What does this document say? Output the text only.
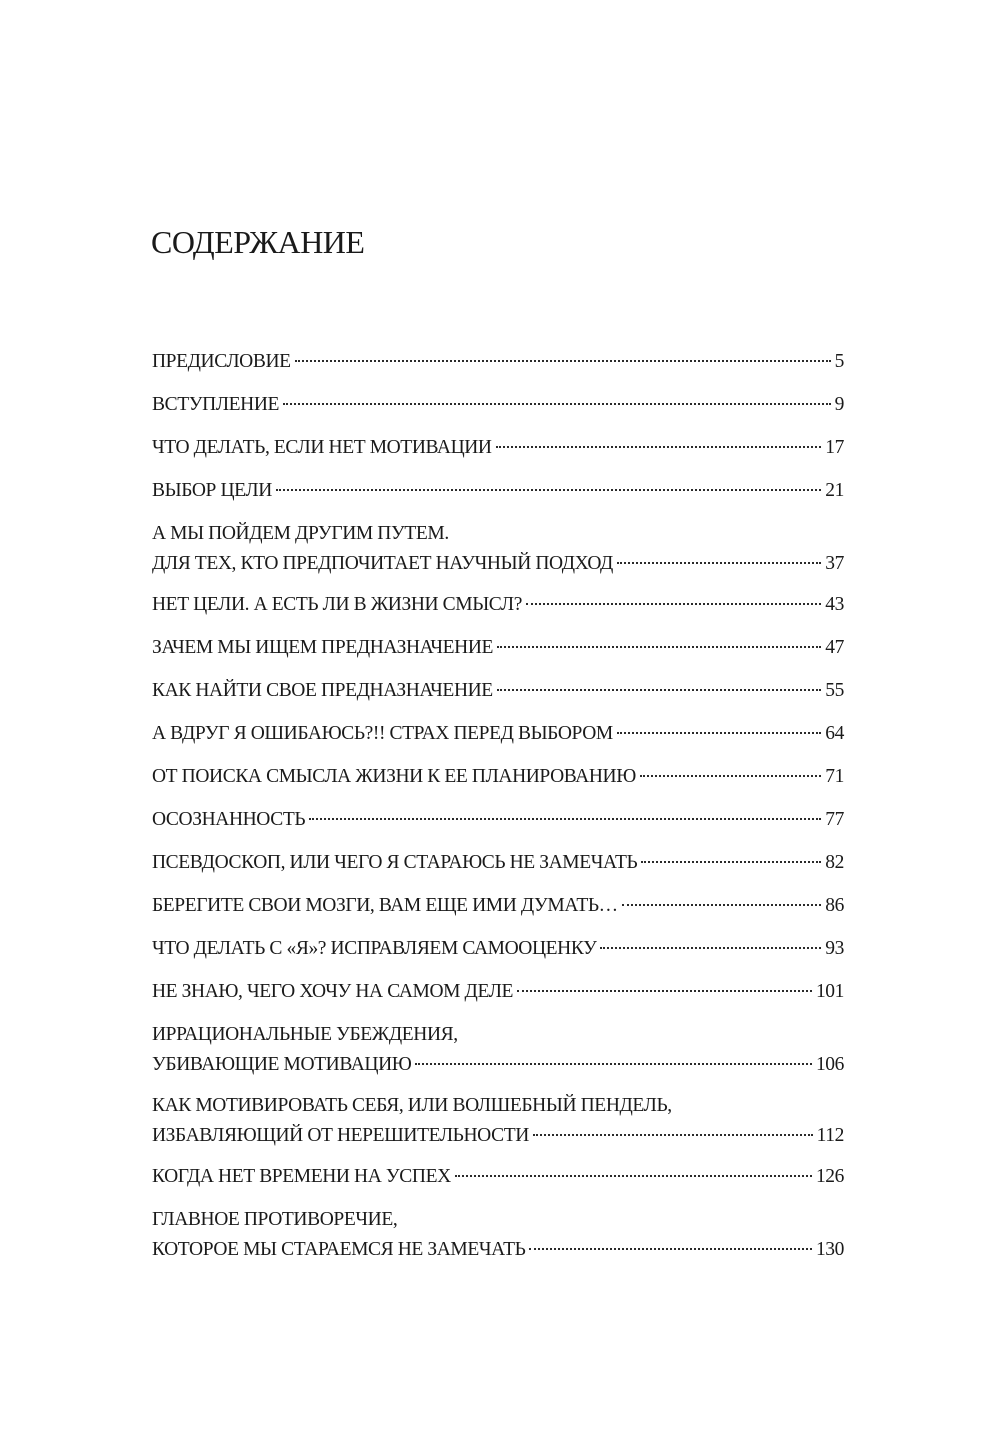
СОДЕРЖАНИЕ
ПРЕДИСЛОВИЕ	5
ВСТУПЛЕНИЕ	9
ЧТО ДЕЛАТЬ, ЕСЛИ НЕТ МОТИВАЦИИ	17
ВЫБОР ЦЕЛИ	21
А МЫ ПОЙДЕМ ДРУГИМ ПУТЕМ.
ДЛЯ ТЕХ, КТО ПРЕДПОЧИТАЕТ НАУЧНЫЙ ПОДХОД	37
НЕТ ЦЕЛИ. А ЕСТЬ ЛИ В ЖИЗНИ СМЫСЛ?	43
ЗАЧЕМ МЫ ИЩЕМ ПРЕДНАЗНАЧЕНИЕ	47
КАК НАЙТИ СВОЕ ПРЕДНАЗНАЧЕНИЕ	55
А ВДРУГ Я ОШИБАЮСЬ?!! СТРАХ ПЕРЕД ВЫБОРОМ	64
ОТ ПОИСКА СМЫСЛА ЖИЗНИ К ЕЕ ПЛАНИРОВАНИЮ	71
ОСОЗНАННОСТЬ	77
ПСЕВДОСКОП, ИЛИ ЧЕГО Я СТАРАЮСЬ НЕ ЗАМЕЧАТЬ	82
БЕРЕГИТЕ СВОИ МОЗГИ, ВАМ ЕЩЕ ИМИ ДУМАТЬ…	86
ЧТО ДЕЛАТЬ С «Я»? ИСПРАВЛЯЕМ САМООЦЕНКУ	93
НЕ ЗНАЮ, ЧЕГО ХОЧУ НА САМОМ ДЕЛЕ	101
ИРРАЦИОНАЛЬНЫЕ УБЕЖДЕНИЯ,
УБИВАЮЩИЕ МОТИВАЦИЮ	106
КАК МОТИВИРОВАТЬ СЕБЯ, ИЛИ ВОЛШЕБНЫЙ ПЕНДЕЛЬ,
ИЗБАВЛЯЮЩИЙ ОТ НЕРЕШИТЕЛЬНОСТИ	112
КОГДА НЕТ ВРЕМЕНИ НА УСПЕХ	126
ГЛАВНОЕ ПРОТИВОРЕЧИЕ,
КОТОРОЕ МЫ СТАРАЕМСЯ НЕ ЗАМЕЧАТЬ	130
